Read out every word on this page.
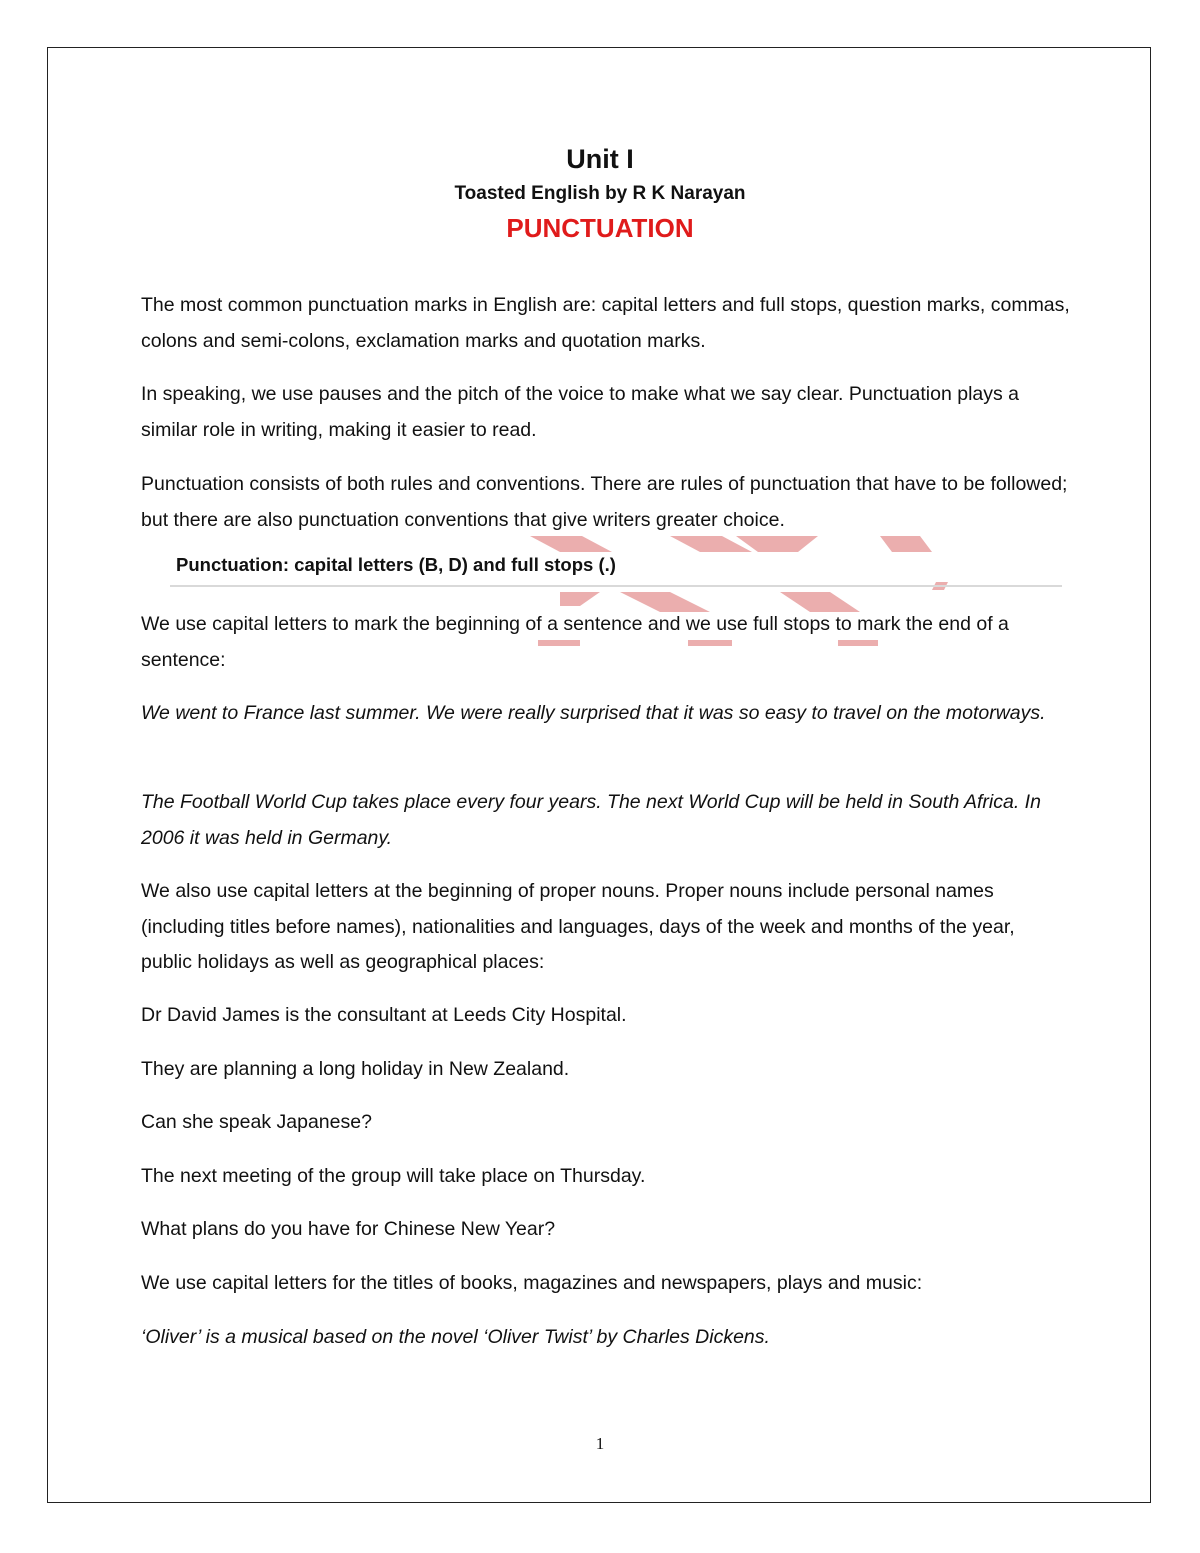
Unit I
Toasted English by R K Narayan
PUNCTUATION

The most common punctuation marks in English are: capital letters and full stops, question marks, commas, colons and semi-colons, exclamation marks and quotation marks.

In speaking, we use pauses and the pitch of the voice to make what we say clear. Punctuation plays a similar role in writing, making it easier to read.

Punctuation consists of both rules and conventions. There are rules of punctuation that have to be followed; but there are also punctuation conventions that give writers greater choice.

Punctuation: capital letters (B, D) and full stops (.)

We use capital letters to mark the beginning of a sentence and we use full stops to mark the end of a sentence:

We went to France last summer. We were really surprised that it was so easy to travel on the motorways.

The Football World Cup takes place every four years. The next World Cup will be held in South Africa. In 2006 it was held in Germany.

We also use capital letters at the beginning of proper nouns. Proper nouns include personal names (including titles before names), nationalities and languages, days of the week and months of the year, public holidays as well as geographical places:

Dr David James is the consultant at Leeds City Hospital.

They are planning a long holiday in New Zealand.

Can she speak Japanese?

The next meeting of the group will take place on Thursday.

What plans do you have for Chinese New Year?

We use capital letters for the titles of books, magazines and newspapers, plays and music:

‘Oliver’ is a musical based on the novel ‘Oliver Twist’ by Charles Dickens.

1
